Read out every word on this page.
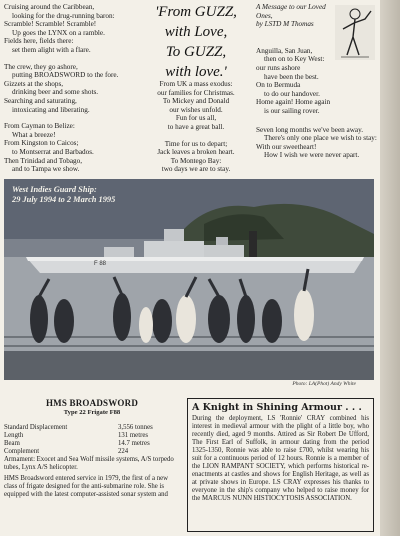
Cruising around the Caribbean,
looking for the drug-running baron:
Scramble! Scramble! Scramble!
Up goes the LYNX on a ramble.
Fields here, fields there:
set them alight with a flare.

The crew, they go ashore,
putting BROADSWORD to the fore.
Gizzets at the shops,
drinking beer and some shots.
Searching and saturating,
intoxicating and liberating.

From Cayman to Belize:
What a breeze!
From Kingston to Caicos;
to Montserrat and Barbados.
Then Trinidad and Tobago,
and to Tampa we show.

'From GUZZ,
with Love,
To GUZZ,
with love.'

From UK a mass exodus:
our families for Christmas.
To Mickey and Donald
our wishes unfold.
Fun for us all,
to have a great ball.

Time for us to depart;
Jack leaves a broken heart.
To Montego Bay:
two days we are to stay.

A Message to our Loved
Ones,
by LSTD M Thomas

Anguilla, San Juan,
then on to Key West:
our runs ashore
have been the best.
On to Bermuda
to do our handover.
Home again! Home again
is our sailing rover.

Seven long months we've been away.
There's only one place we wish to stay:
With our sweetheart!
How I wish we were never apart.

West Indies Guard Ship:
29 July 1994 to 2 March 1995
F 88
Photo: LA(Phot) Andy White
HMS BROADSWORD
Type 22 Frigate F88
Standard Displacement	3,556 tonnes
Length	131 metres
Beam	14.7 metres
Complement	224
Armament: Exocet and Sea Wolf missile systems, A/S torpedo tubes, Lynx A/S helicopter.
HMS Broadsword entered service in 1979, the first of a new class of frigate designed for the anti-submarine role. She is equipped with the latest computer-assisted sonar system and
A Knight in Shining Armour . . .
During the deployment, LS 'Ronnie' CRAY combined his interest in medieval armour with the plight of a little boy, who recently died, aged 9 months. Attired as Sir Robert De Ufford, The First Earl of Suffolk, in armour dating from the period 1325-1350, Ronnie was able to raise £700, whilst wearing his suit for a continuous period of 12 hours. Ronnie is a member of the LION RAMPANT SOCIETY, which performs historical re-enactments at castles and shows for English Heritage, as well as at private shows in Europe. LS CRAY expresses his thanks to everyone in the ship's company who helped to raise money for the MARCUS NUNN HISTIOCYTOSIS ASSOCIATION.
